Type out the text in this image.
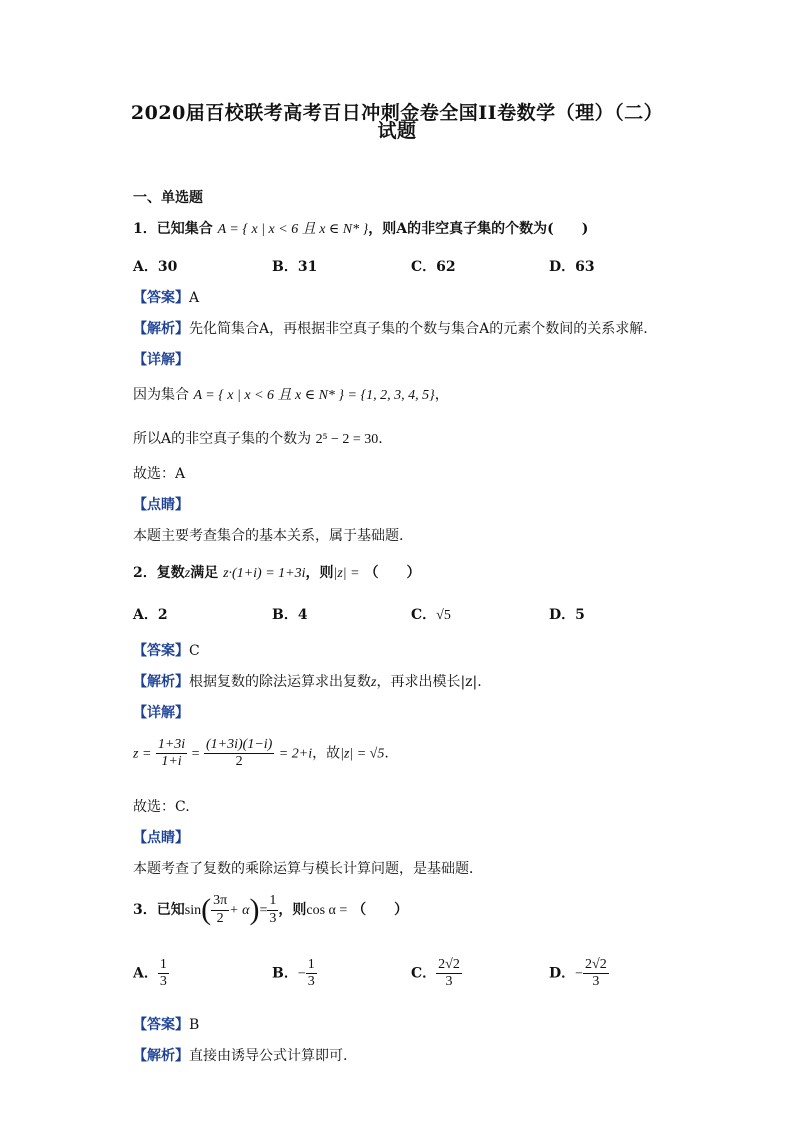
2020届百校联考高考百日冲刺金卷全国II卷数学（理）（二）
试题
一、单选题
1．已知集合 A = { x | x < 6 且 x ∈ N* }，则A的非空真子集的个数为(　　)
A．30	B．31	C．62	D．63
【答案】A
【解析】先化简集合A，再根据非空真子集的个数与集合A的元素个数间的关系求解.
【详解】
因为集合 A = { x | x < 6 且 x ∈ N* } = {1, 2, 3, 4, 5}，
所以A的非空真子集的个数为 2⁵ − 2 = 30.
故选：A
【点睛】
本题主要考查集合的基本关系，属于基础题.
2．复数z满足 z·(1+i) = 1+3i，则|z| = （　　）
A．2	B．4	C．√5	D．5
【答案】C
【解析】根据复数的除法运算求出复数z，再求出模长|z|.
【详解】
$z = \frac{1+3i}{1+i} = \frac{(1+3i)(1-i)}{2} = 2+i$，故|z| = √5.
故选：C.
【点睛】
本题考查了复数的乘除运算与模长计算问题，是基础题．
3．已知$\sin( \frac{3\pi}{2} + \alpha)= \frac{1}{3}$ ，则cos α = （　　）
A． $\frac{1}{3}$	B．− $\frac{1}{3}$	C． $\frac{2√2}{3}$	D．− $\frac{2√2}{3}$
【答案】B
【解析】直接由诱导公式计算即可.
